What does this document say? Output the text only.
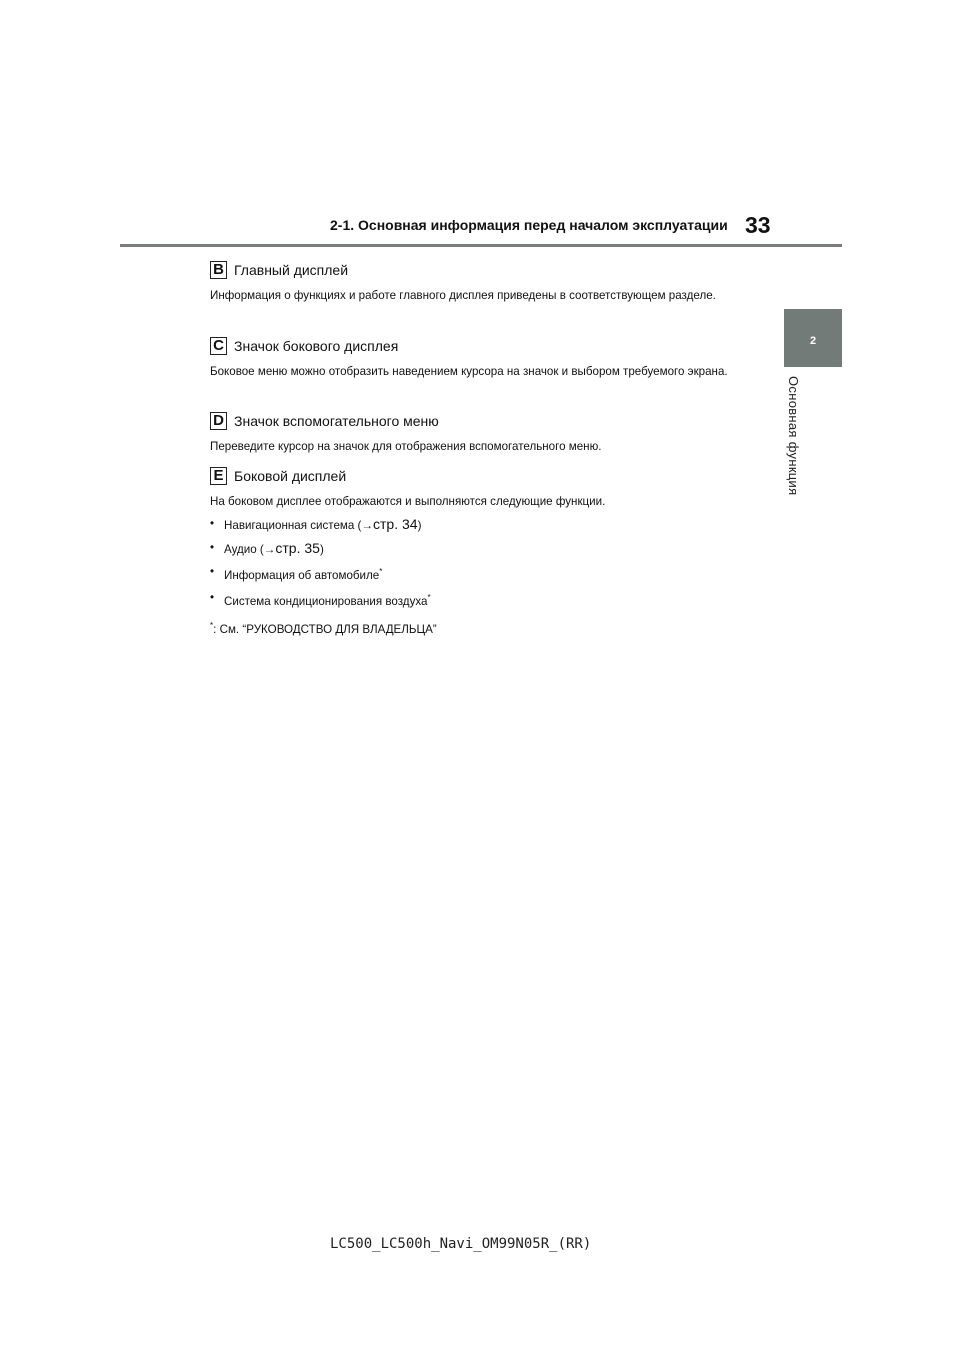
2-1. Основная информация перед началом эксплуатации 33
2
Основная функция
B Главный дисплей
Информация о функциях и работе главного дисплея приведены в соответствующем разделе.
C Значок бокового дисплея
Боковое меню можно отобразить наведением курсора на значок и выбором требуемого экрана.
D Значок вспомогательного меню
Переведите курсор на значок для отображения вспомогательного меню.
E Боковой дисплей
На боковом дисплее отображаются и выполняются следующие функции.
• Навигационная система (→стр. 34)
• Аудио (→стр. 35)
• Информация об автомобиле*
• Система кондиционирования воздуха*
*: См. “РУКОВОДСТВО ДЛЯ ВЛАДЕЛЬЦА”
LC500_LC500h_Navi_OM99N05R_(RR)
